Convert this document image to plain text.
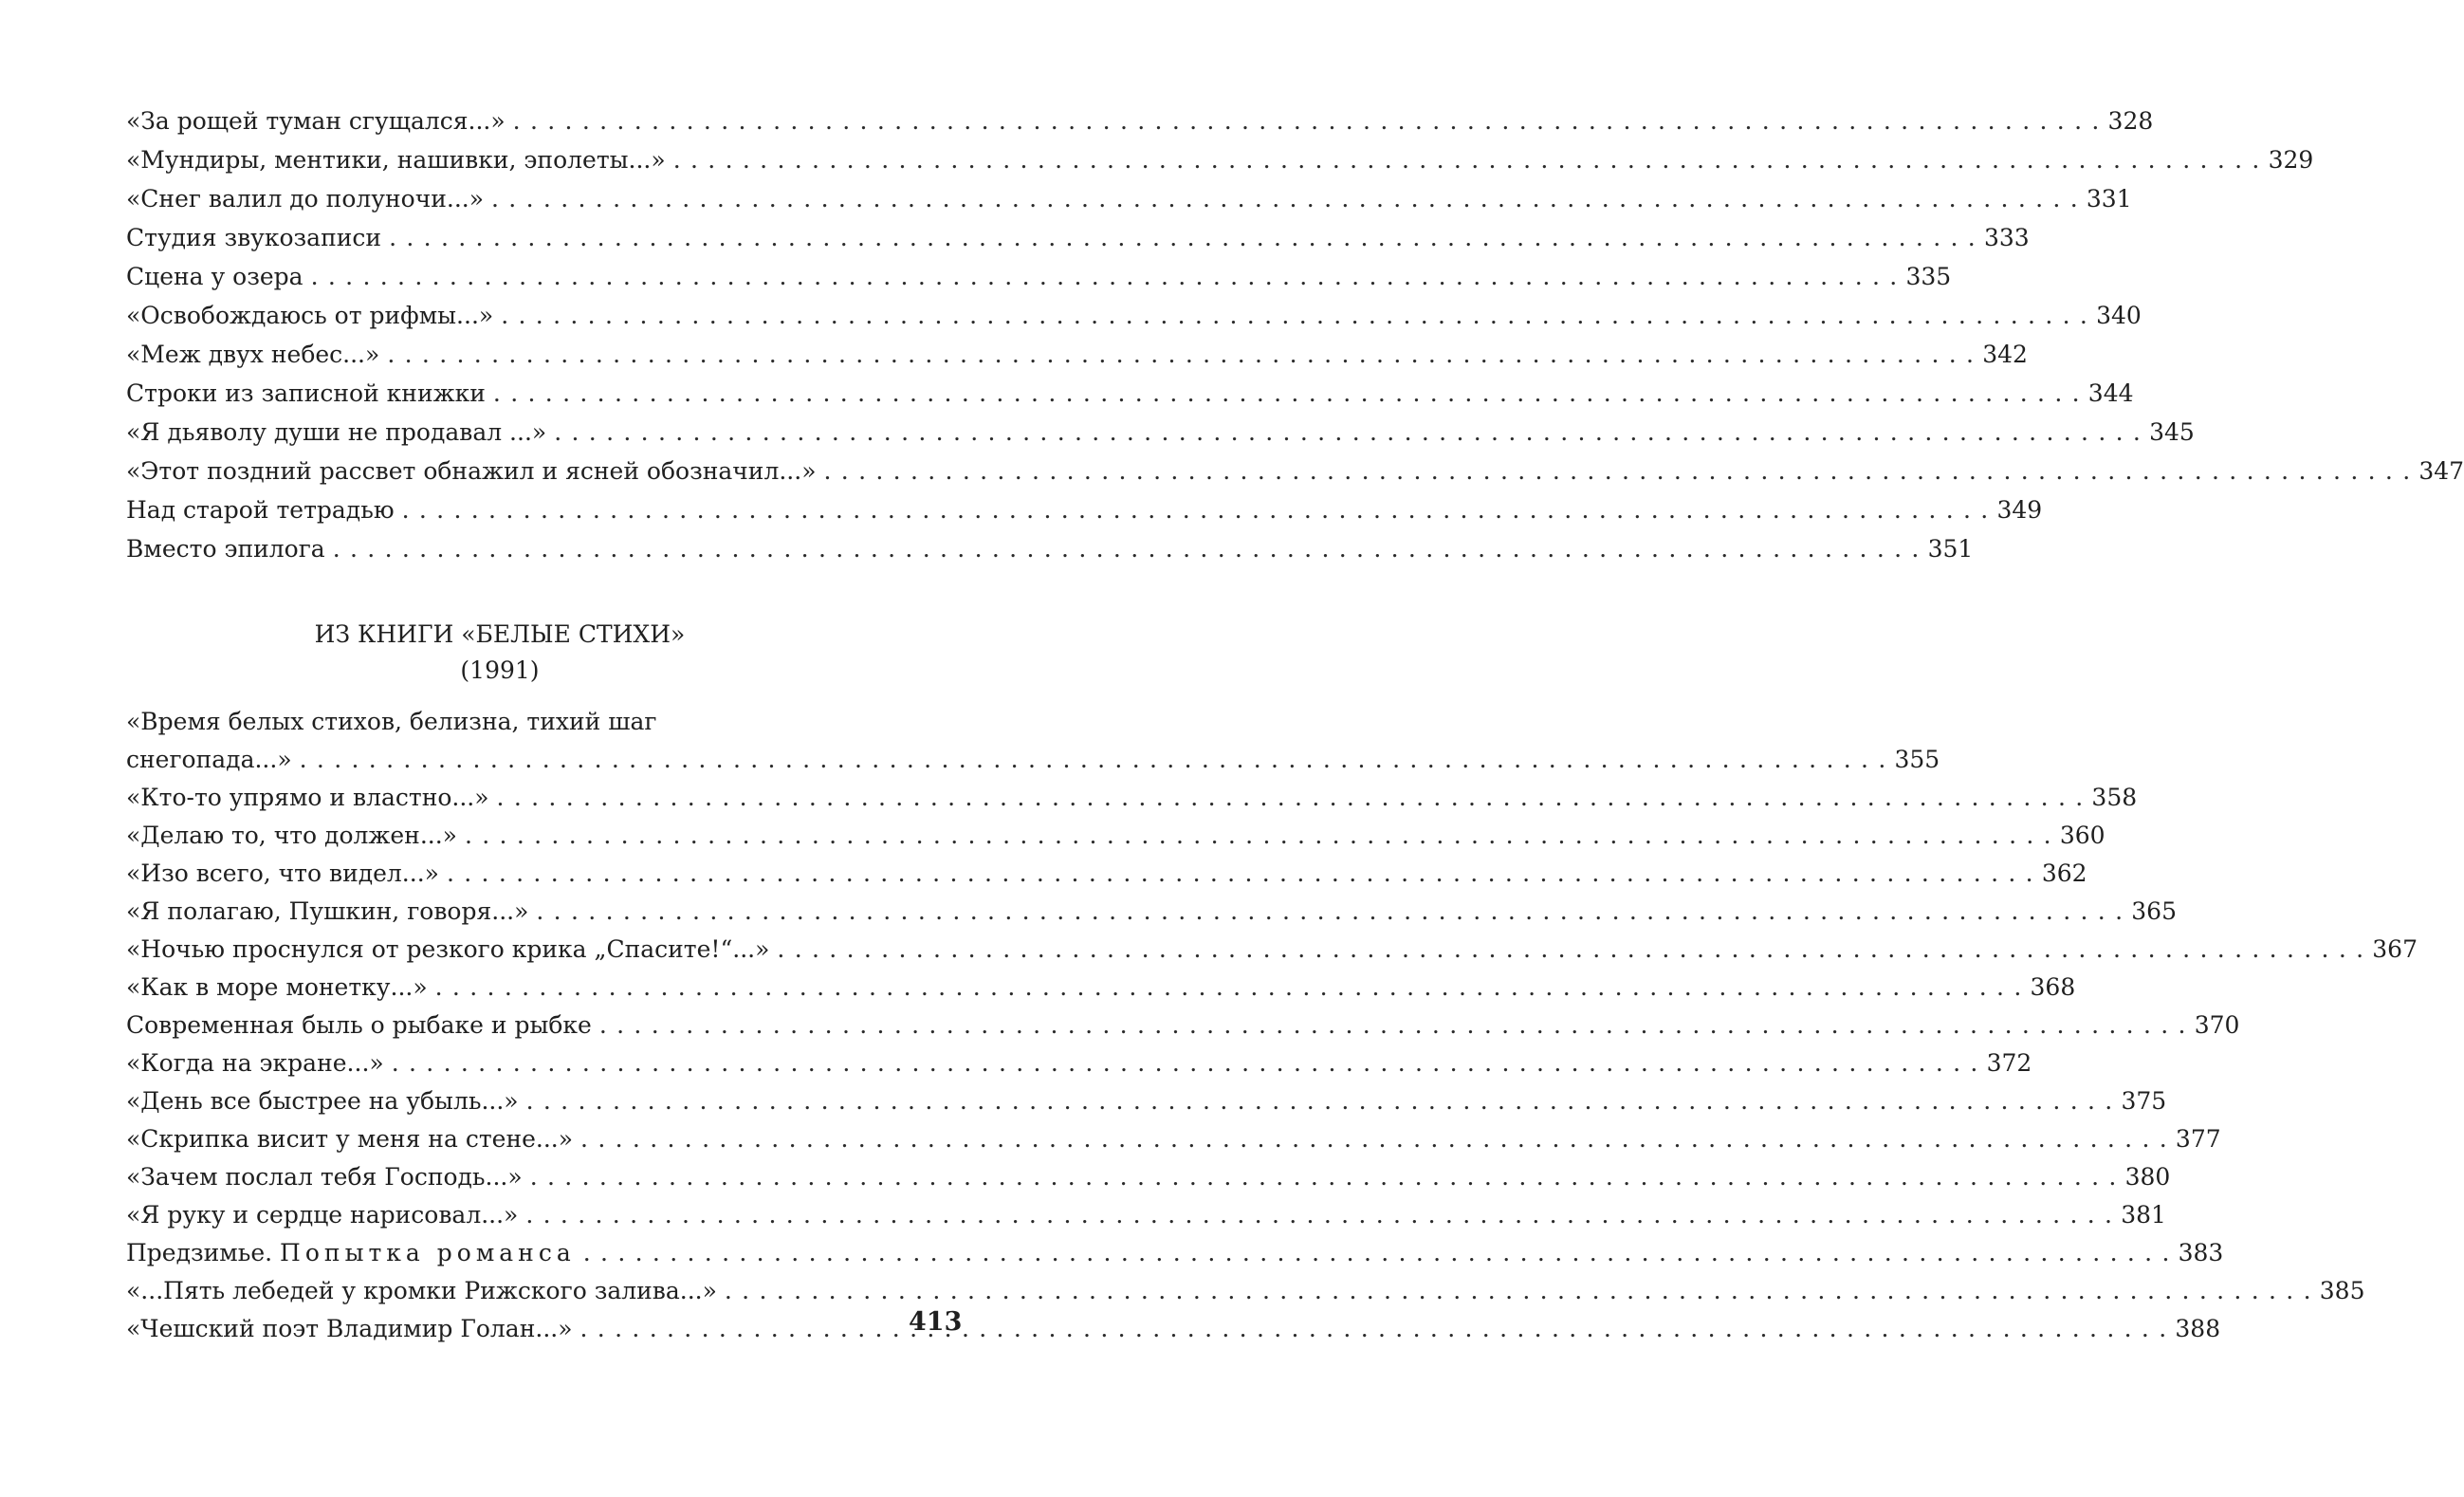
«За рощей туман сгущался...» . . .	328
«Мундиры, ментики, нашивки, эполеты...» . . .	329
«Снег валил до полуночи...» . . .	331
Студия звукозаписи . . .	333
Сцена у озера . . .	335
«Освобождаюсь от рифмы...» . . .	340
«Меж двух небес...» . . .	342
Строки из записной книжки . . .	344
«Я дьяволу души не продавал ...» . . .	345
«Этот поздний рассвет обнажил и ясней обозначил...» . . .	347
Над старой тетрадью . . .	349
Вместо эпилога . . .	351
ИЗ КНИГИ «БЕЛЫЕ СТИХИ»
(1991)
«Время белых стихов, белизна, тихий шаг
снегопада...» . . .	355
«Кто-то упрямо и властно...» . . .	358
«Делаю то, что должен...» . . .	360
«Изо всего, что видел...» . . .	362
«Я полагаю, Пушкин, говоря...» . . .	365
«Ночью проснулся от резкого крика „Спасите!“...» . . .	367
«Как в море монетку...» . . .	368
Современная быль о рыбаке и рыбке . . .	370
«Когда на экране...» . . .	372
«День все быстрее на убыль...» . . .	375
«Скрипка висит у меня на стене...» . . .	377
«Зачем послал тебя Господь...» . . .	380
«Я руку и сердце нарисовал...» . . .	381
Предзимье. Попытка романса . . .	383
«...Пять лебедей у кромки Рижского залива...» . . .	385
«Чешский поэт Владимир Голан...» . . .	388
413
